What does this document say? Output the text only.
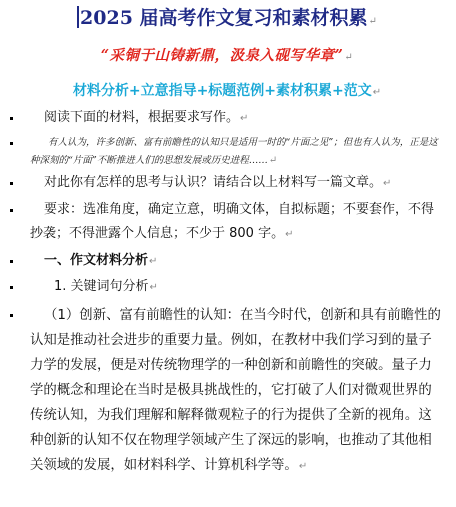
2025 届高考作文复习和素材积累↵
“采铜于山铸新鼎，汲泉入砚写华章”↵
材料分析+立意指导+标题范例+素材积累+范文↵
阅读下面的材料，根据要求写作。↵
有人认为，许多创新、富有前瞻性的认知只是适用一时的“片面之见”；但也有人认为，正是这种深刻的“片面”不断推进人们的思想发展或历史进程……↵
对此你有怎样的思考与认识？请结合以上材料写一篇文章。↵
要求：选准角度，确定立意，明确文体，自拟标题；不要套作，不得抄袭；不得泄露个人信息；不少于 800 字。↵
一、作文材料分析↵
1. 关键词句分析↵
（1）创新、富有前瞻性的认知：在当今时代，创新和具有前瞻性的认知是推动社会进步的重要力量。例如，在教材中我们学习到的量子力学的发展，便是对传统物理学的一种创新和前瞻性的突破。量子力学的概念和理论在当时是极具挑战性的，它打破了人们对微观世界的传统认知，为我们理解和解释微观粒子的行为提供了全新的视角。这种创新的认知不仅在物理学领域产生了深远的影响，也推动了其他相关领域的发展，如材料科学、计算机科学等。↵
